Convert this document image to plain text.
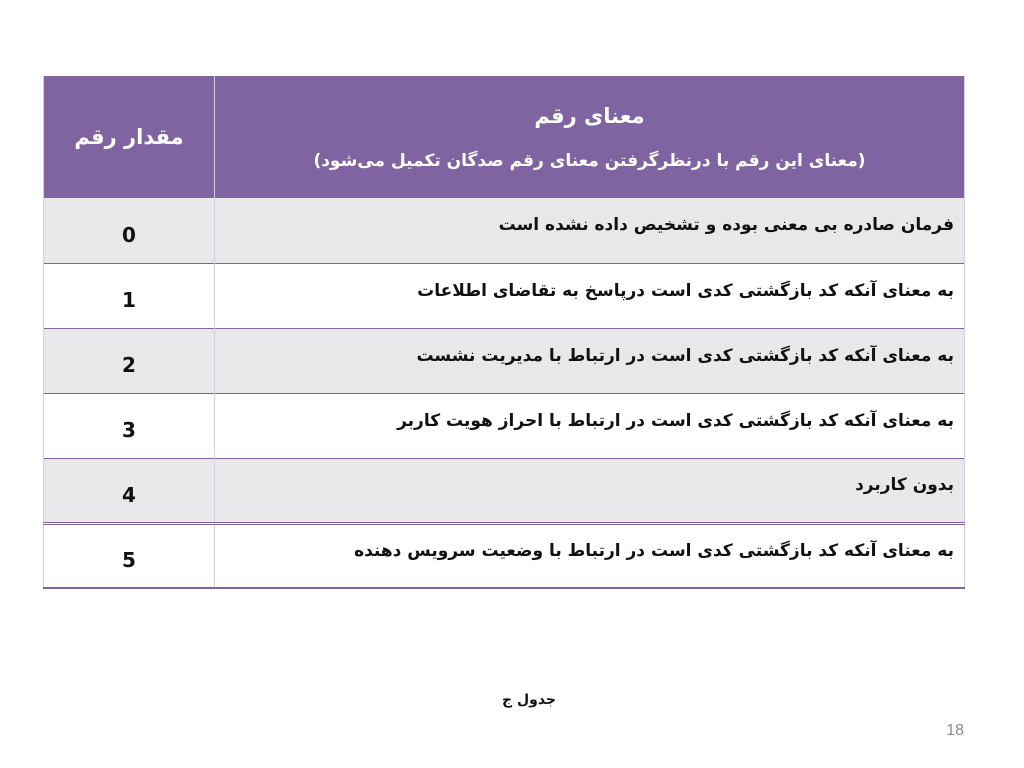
مقدار رقم	معنای رقم
(معنای این رقم با درنظرگرفتن معنای رقم صدگان تکمیل می‌شود)

0	فرمان صادره بی معنی بوده و تشخیص داده نشده است
1	به معنای آنکه کد بازگشتی کدی است درپاسخ به تقاضای اطلاعات
2	به معنای آنکه کد بازگشتی کدی است در ارتباط با مدیریت نشست
3	به معنای آنکه کد بازگشتی کدی است در ارتباط با احراز هویت کاربر
4	بدون کاربرد
5	به معنای آنکه کد بازگشتی کدی است در ارتباط با وضعیت سرویس دهنده
جدول ج
18
